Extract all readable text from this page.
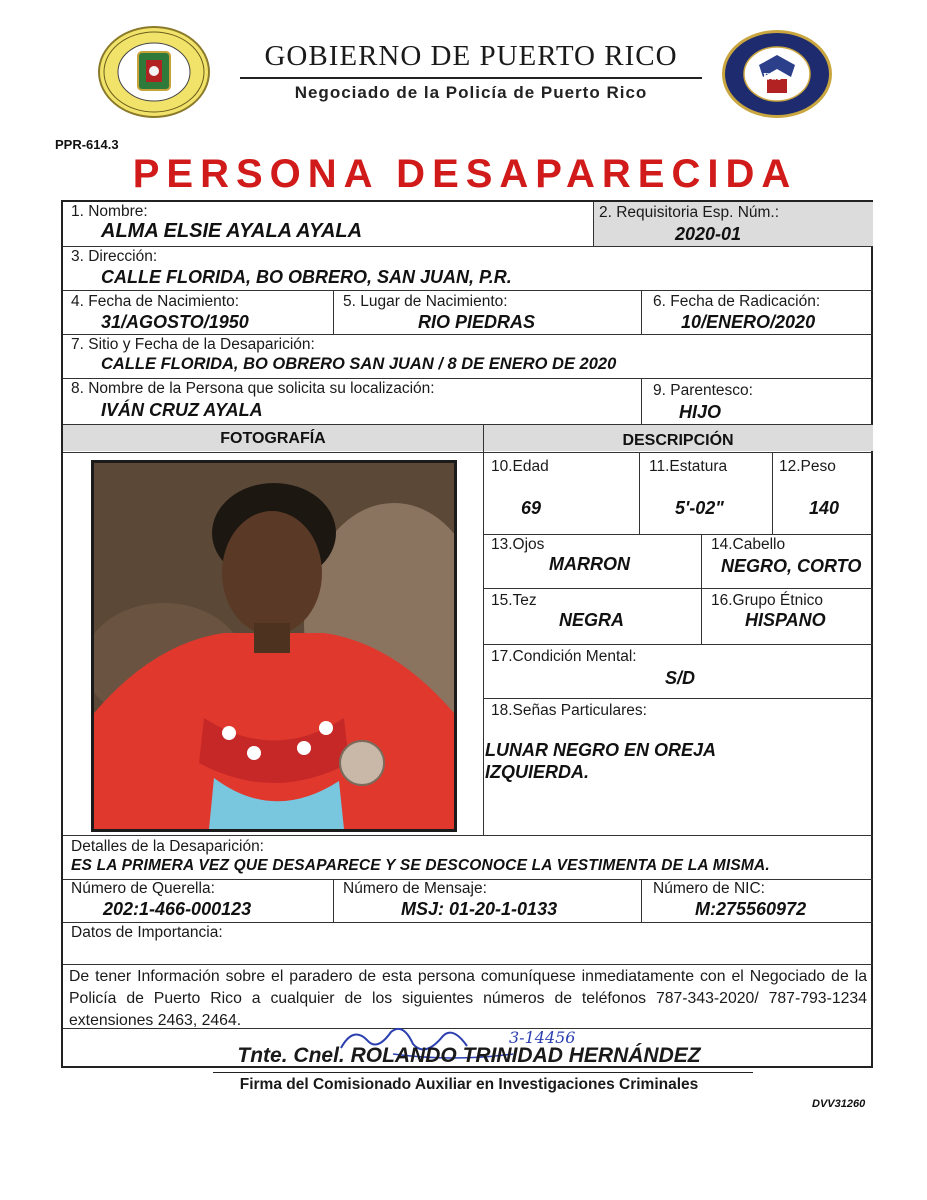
GOBIERNO DE PUERTO RICO
Negociado de la Policía de Puerto Rico
DSP
PPR-614.3
PERSONA DESAPARECIDA
1. Nombre:
ALMA ELSIE AYALA AYALA
2. Requisitoria Esp. Núm.:
2020-01
3. Dirección:
CALLE FLORIDA, BO OBRERO, SAN JUAN, P.R.
4. Fecha de Nacimiento:
31/AGOSTO/1950
5. Lugar de Nacimiento:
RIO PIEDRAS
6. Fecha de Radicación:
10/ENERO/2020
7. Sitio y Fecha de la Desaparición:
CALLE FLORIDA, BO OBRERO SAN JUAN / 8 DE ENERO DE 2020
8. Nombre de la Persona que solicita su localización:
IVÁN CRUZ AYALA
9. Parentesco:
HIJO
FOTOGRAFÍA	DESCRIPCIÓN
10.Edad
69
11.Estatura
5'-02"
12.Peso
140
13.Ojos
MARRON
14.Cabello
NEGRO, CORTO
15.Tez
NEGRA
16.Grupo Étnico
HISPANO
17.Condición Mental:
S/D
18.Señas Particulares:
LUNAR NEGRO EN OREJA
IZQUIERDA.
Detalles de la Desaparición:
ES LA PRIMERA VEZ QUE DESAPARECE Y SE DESCONOCE LA VESTIMENTA DE LA MISMA.
Número de Querella:
202:1-466-000123
Número de Mensaje:
MSJ: 01-20-1-0133
Número de NIC:
M:275560972
Datos de Importancia:
De tener Información sobre el paradero de esta persona comuníquese inmediatamente con el Negociado de la Policía de Puerto Rico a cualquier de los siguientes números de teléfonos 787-343-2020/ 787-793-1234 extensiones 2463, 2464.
3-14456
Tnte. Cnel. ROLANDO TRINIDAD HERNÁNDEZ
Firma del Comisionado Auxiliar en Investigaciones Criminales
DVV31260
